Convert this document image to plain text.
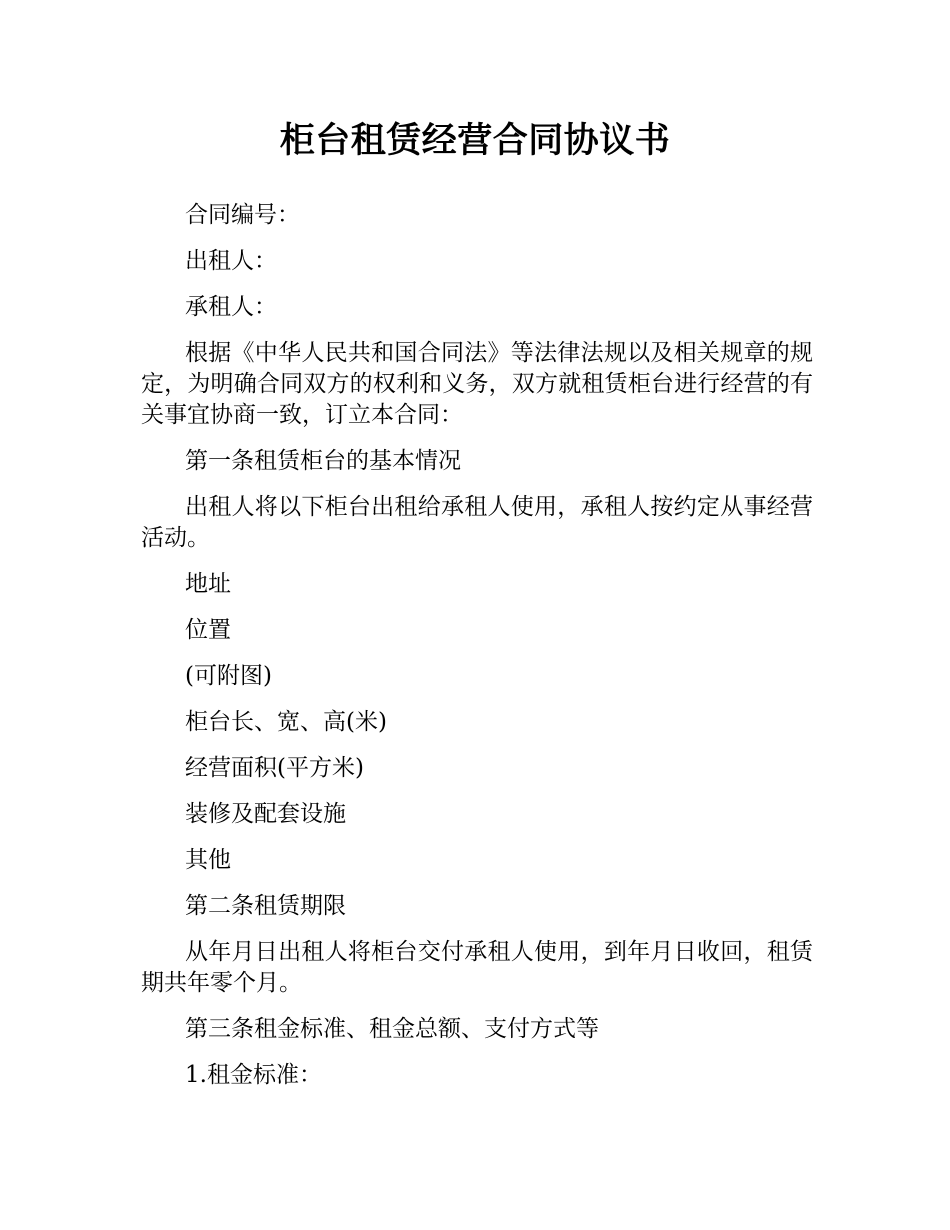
柜台租赁经营合同协议书

合同编号：

出租人：

承租人：

根据《中华人民共和国合同法》等法律法规以及相关规章的规定，为明确合同双方的权利和义务，双方就租赁柜台进行经营的有关事宜协商一致，订立本合同：

第一条租赁柜台的基本情况

出租人将以下柜台出租给承租人使用，承租人按约定从事经营活动。

地址

位置

(可附图)

柜台长、宽、高(米)

经营面积(平方米)

装修及配套设施

其他

第二条租赁期限

从年月日出租人将柜台交付承租人使用，到年月日收回，租赁期共年零个月。

第三条租金标准、租金总额、支付方式等

1.租金标准：
